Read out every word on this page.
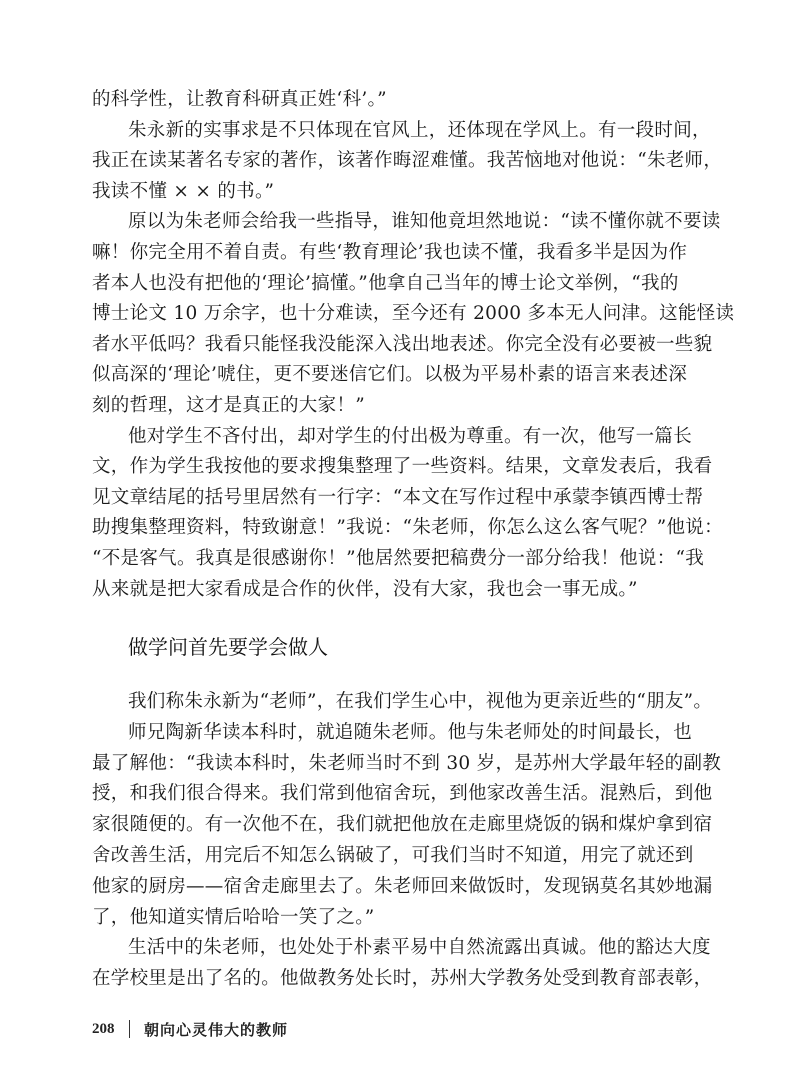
的科学性，让教育科研真正姓‘科’。”
朱永新的实事求是不只体现在官风上，还体现在学风上。有一段时间，
我正在读某著名专家的著作，该著作晦涩难懂。我苦恼地对他说：“朱老师，
我读不懂 × × 的书。”
原以为朱老师会给我一些指导，谁知他竟坦然地说：“读不懂你就不要读
嘛！你完全用不着自责。有些‘教育理论’我也读不懂，我看多半是因为作
者本人也没有把他的‘理论’搞懂。”他拿自己当年的博士论文举例，“我的
博士论文 10 万余字，也十分难读，至今还有 2000 多本无人问津。这能怪读
者水平低吗？我看只能怪我没能深入浅出地表述。你完全没有必要被一些貌
似高深的‘理论’唬住，更不要迷信它们。以极为平易朴素的语言来表述深
刻的哲理，这才是真正的大家！”
他对学生不吝付出，却对学生的付出极为尊重。有一次，他写一篇长
文，作为学生我按他的要求搜集整理了一些资料。结果，文章发表后，我看
见文章结尾的括号里居然有一行字：“本文在写作过程中承蒙李镇西博士帮
助搜集整理资料，特致谢意！”我说：“朱老师，你怎么这么客气呢？”他说：
“不是客气。我真是很感谢你！”他居然要把稿费分一部分给我！他说：“我
从来就是把大家看成是合作的伙伴，没有大家，我也会一事无成。”
做学问首先要学会做人
我们称朱永新为“老师”，在我们学生心中，视他为更亲近些的“朋友”。
师兄陶新华读本科时，就追随朱老师。他与朱老师处的时间最长，也
最了解他：“我读本科时，朱老师当时不到 30 岁，是苏州大学最年轻的副教
授，和我们很合得来。我们常到他宿舍玩，到他家改善生活。混熟后，到他
家很随便的。有一次他不在，我们就把他放在走廊里烧饭的锅和煤炉拿到宿
舍改善生活，用完后不知怎么锅破了，可我们当时不知道，用完了就还到
他家的厨房——宿舍走廊里去了。朱老师回来做饭时，发现锅莫名其妙地漏
了，他知道实情后哈哈一笑了之。”
生活中的朱老师，也处处于朴素平易中自然流露出真诚。他的豁达大度
在学校里是出了名的。他做教务处长时，苏州大学教务处受到教育部表彰，
208 朝向心灵伟大的教师
